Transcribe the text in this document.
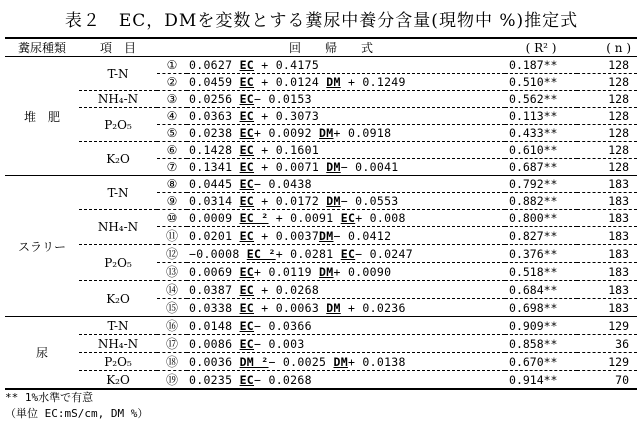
表２　EC，DMを変数とする糞尿中養分含量(現物中 %)推定式
糞尿種類	項　目	回　　帰　　式		( R² )	( n )
堆　肥	T-N	①	0.0627 EC + 0.4175	0.187**	128
		②	0.0459 EC + 0.0124 DM + 0.1249	0.510**	128
	NH₄-N	③	0.0256 EC− 0.0153	0.562**	128
	P₂O₅	④	0.0363 EC + 0.3073	0.113**	128
		⑤	0.0238 EC+ 0.0092 DM+ 0.0918	0.433**	128
	K₂O	⑥	0.1428 EC + 0.1601	0.610**	128
		⑦	0.1341 EC + 0.0071 DM− 0.0041	0.687**	128
スラリー	T-N	⑧	0.0445 EC− 0.0438	0.792**	183
		⑨	0.0314 EC + 0.0172 DM− 0.0553	0.882**	183
	NH₄-N	⑩	0.0009 EC ² + 0.0091 EC+ 0.008	0.800**	183
		⑪	0.0201 EC + 0.0037DM− 0.0412	0.827**	183
	P₂O₅	⑫	−0.0008 EC ²+ 0.0281 EC− 0.0247	0.376**	183
		⑬	0.0069 EC+ 0.0119 DM+ 0.0090	0.518**	183
	K₂O	⑭	0.0387 EC + 0.0268	0.684**	183
		⑮	0.0338 EC + 0.0063 DM + 0.0236	0.698**	183
尿	T-N	⑯	0.0148 EC− 0.0366	0.909**	129
	NH₄-N	⑰	0.0086 EC− 0.003	0.858**	36
	P₂O₅	⑱	0.0036 DM ²− 0.0025 DM+ 0.0138	0.670**	129
	K₂O	⑲	0.0235 EC− 0.0268	0.914**	70
** 1%水準で有意
（単位 EC:mS/cm, DM %）
